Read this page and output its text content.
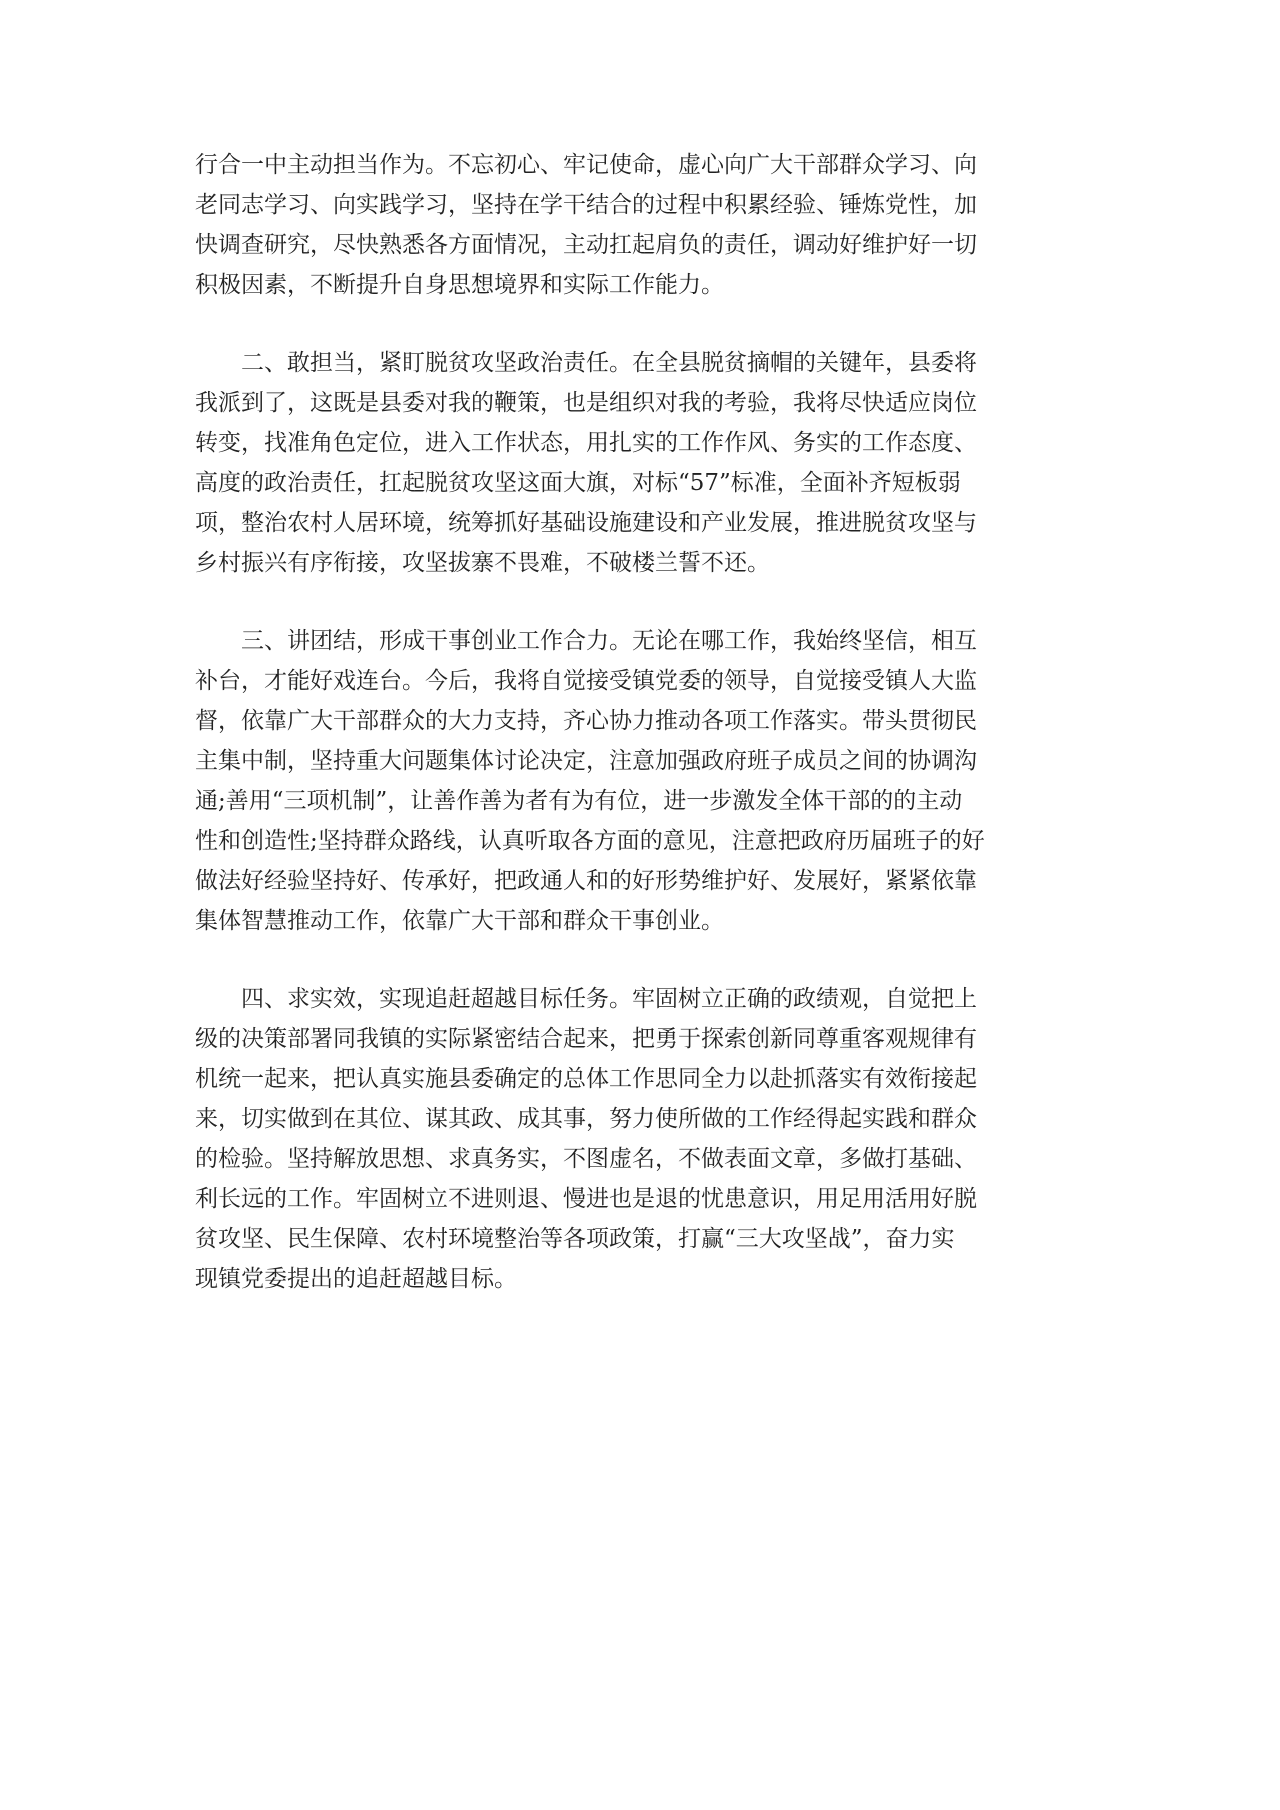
行合一中主动担当作为。不忘初心、牢记使命，虚心向广大干部群众学习、向
老同志学习、向实践学习，坚持在学干结合的过程中积累经验、锤炼党性，加
快调查研究，尽快熟悉各方面情况，主动扛起肩负的责任，调动好维护好一切
积极因素，不断提升自身思想境界和实际工作能力。
二、敢担当，紧盯脱贫攻坚政治责任。在全县脱贫摘帽的关键年，县委将
我派到了，这既是县委对我的鞭策，也是组织对我的考验，我将尽快适应岗位
转变，找准角色定位，进入工作状态，用扎实的工作作风、务实的工作态度、
高度的政治责任，扛起脱贫攻坚这面大旗，对标“57”标准，全面补齐短板弱
项，整治农村人居环境，统筹抓好基础设施建设和产业发展，推进脱贫攻坚与
乡村振兴有序衔接，攻坚拔寨不畏难，不破楼兰誓不还。
三、讲团结，形成干事创业工作合力。无论在哪工作，我始终坚信，相互
补台，才能好戏连台。今后，我将自觉接受镇党委的领导，自觉接受镇人大监
督，依靠广大干部群众的大力支持，齐心协力推动各项工作落实。带头贯彻民
主集中制，坚持重大问题集体讨论决定，注意加强政府班子成员之间的协调沟
通;善用“三项机制”，让善作善为者有为有位，进一步激发全体干部的的主动
性和创造性;坚持群众路线，认真听取各方面的意见，注意把政府历届班子的好
做法好经验坚持好、传承好，把政通人和的好形势维护好、发展好，紧紧依靠
集体智慧推动工作，依靠广大干部和群众干事创业。
四、求实效，实现追赶超越目标任务。牢固树立正确的政绩观，自觉把上
级的决策部署同我镇的实际紧密结合起来，把勇于探索创新同尊重客观规律有
机统一起来，把认真实施县委确定的总体工作思同全力以赴抓落实有效衔接起
来，切实做到在其位、谋其政、成其事，努力使所做的工作经得起实践和群众
的检验。坚持解放思想、求真务实，不图虚名，不做表面文章，多做打基础、
利长远的工作。牢固树立不进则退、慢进也是退的忧患意识，用足用活用好脱
贫攻坚、民生保障、农村环境整治等各项政策，打赢“三大攻坚战”，奋力实
现镇党委提出的追赶超越目标。
